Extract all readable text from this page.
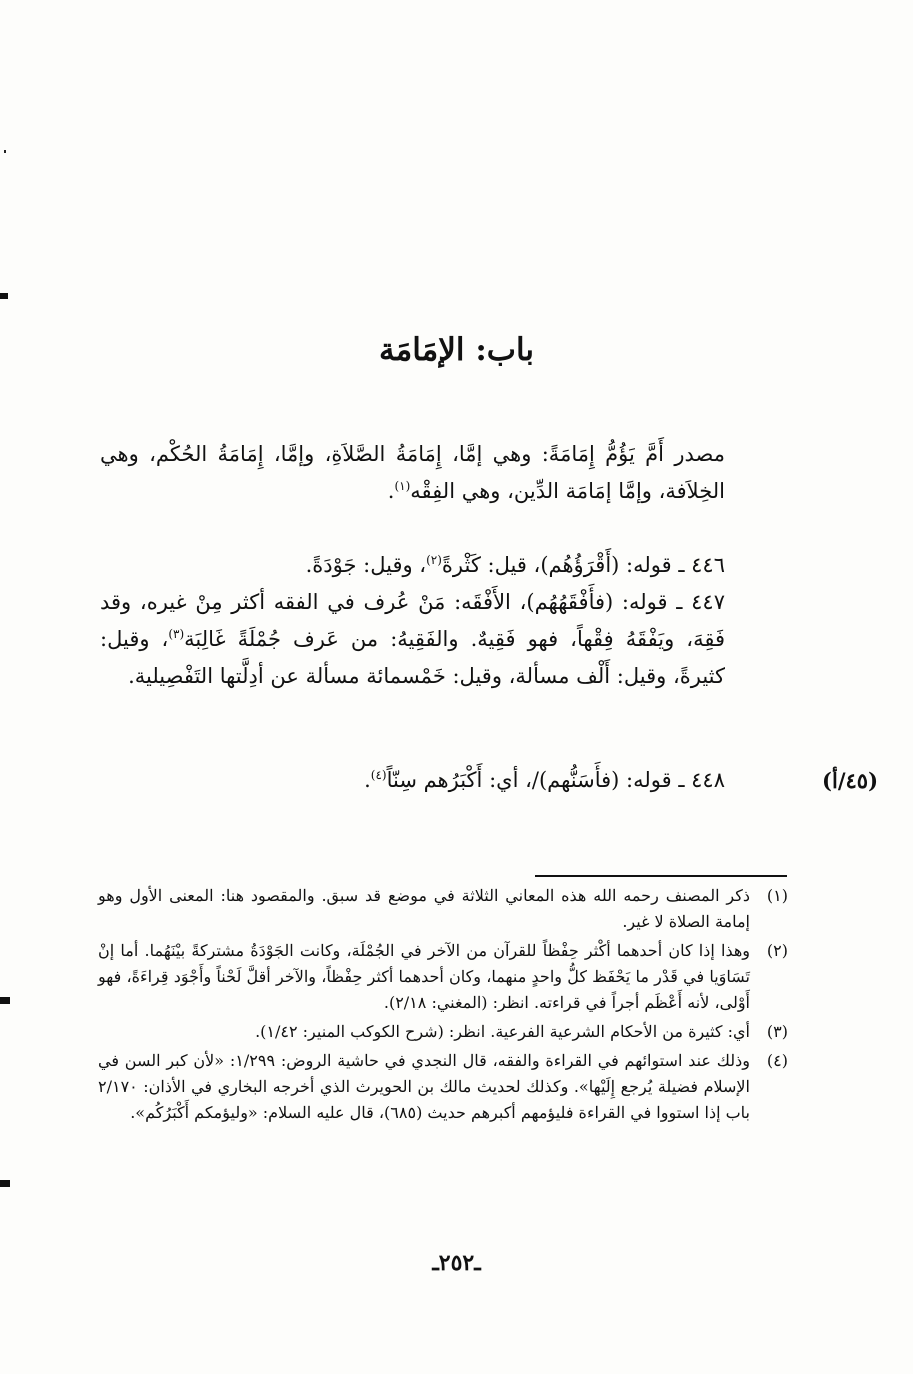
باب: الإمَامَة
مصدر أَمَّ يَؤُمُّ إِمَامَةً: وهي إمَّا، إِمَامَةُ الصَّلاَةِ، وإمَّا، إِمَامَةُ الحُكْم، وهي الخِلاَفة، وإمَّا إمَامَة الدِّين، وهي الفِقْه$^{(١)}$.
٤٤٦ ـ قوله: (أَقْرَؤُهُم)، قيل: كَثْرةً$^{(٢)}$، وقيل: جَوْدَةً.
٤٤٧ ـ قوله: (فأَفْقَهُهُم)، الأَفْقَه: مَنْ عُرف في الفقه أكثر مِنْ غيره، وقد فَقِهَ، ويَفْقَهُ فِقْهاً، فهو فَقِيهٌ. والفَقِيهُ: من عَرف جُمْلَةً غَالِبَة$^{(٣)}$، وقيل: كثيرةً، وقيل: أَلْف مسألة، وقيل: خَمْسمائة مسألة عن أدِلَّتها التَفْصِيلية.
٤٤٨ ـ قوله: (فأَسَنُّهم)/، أي: أَكْبَرُهم سِنّاً$^{(٤)}$.	(٤٥/أ)
(١)
ذكر المصنف رحمه الله هذه المعاني الثلاثة في موضع قد سبق. والمقصود هنا: المعنى الأول وهو إمامة الصلاة لا غير.
(٢)
وهذا إذا كان أحدهما أكْثر حِفْظاً للقرآن من الآخر في الجُمْلَة، وكانت الجَوْدَةُ مشتركةً بيْنَهُما. أما إنْ تَسَاوَيا في قَدْر ما يَحْفَظ كلُّ واحدٍ منهما، وكان أحدهما أكثر حِفْظاً، والآخر أقلَّ لَحْناً وأَجْوَد قِراءَةً، فهو أَوْلى، لأنه أَعْظَم أجراً في قراءته. انظر: (المغني: ٢/١٨).
(٣)
أي: كثيرة من الأحكام الشرعية الفرعية. انظر: (شرح الكوكب المنير: ١/٤٢).
(٤)
وذلك عند استوائهم في القراءة والفقه، قال النجدي في حاشية الروض: ١/٢٩٩: «لأن كبر السن في الإسلام فضيلة يُرجع إِلَيْها». وكذلك لحديث مالك بن الحويرث الذي أخرجه البخاري في الأذان: ٢/١٧٠ باب إذا استووا في القراءة فليؤمهم أكبرهم حديث (٦٨٥)، قال عليه السلام: «وليؤمكم أَكْبَرُكُم».
ـ٢٥٢ـ
